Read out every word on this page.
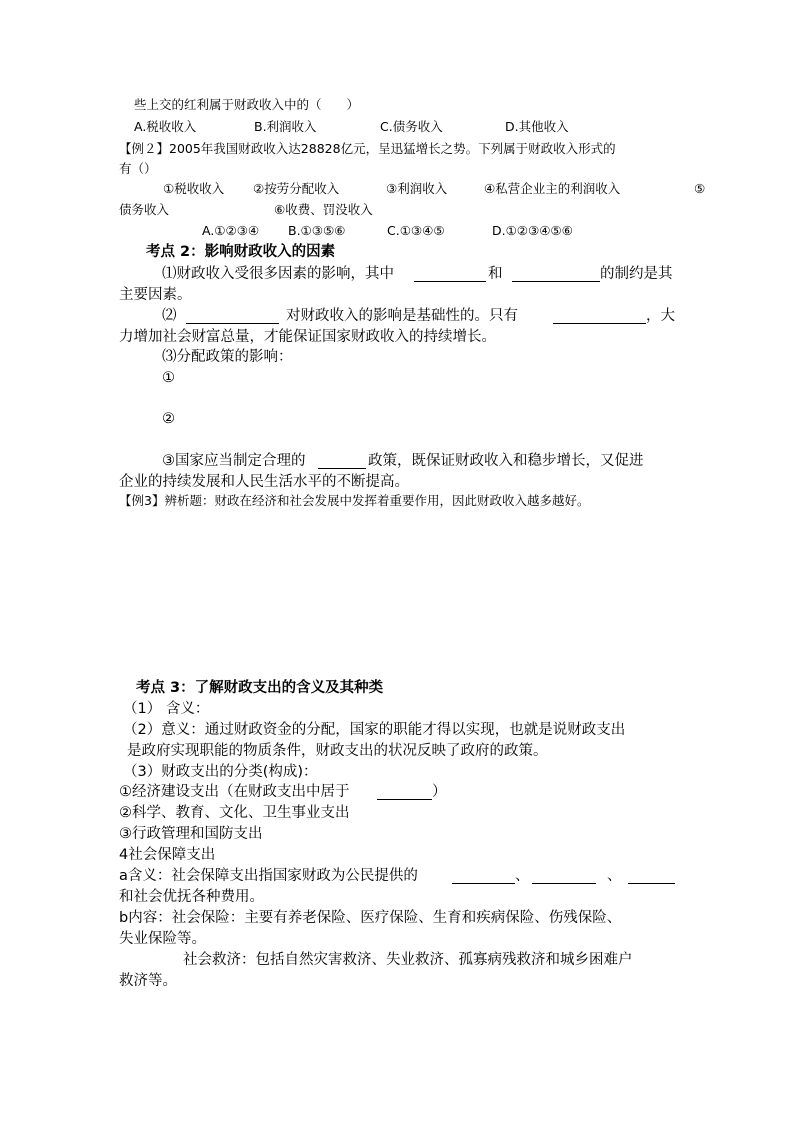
些上交的红利属于财政收入中的（　　）
A.税收收入	B.利润收入	C.债务收入	D.其他收入
【例２】2005年我国财政收入达28828亿元，呈迅猛增长之势。下列属于财政收入形式的
有（）
①税收收入 ②按劳分配收入	③利润收入	④私营企业主的利润收入	⑤
债务收入	⑥收费、罚没收入
A.①②③④ B.①③⑤⑥	C.①③④⑤	D.①②③④⑤⑥
考点 2：影响财政收入的因素
⑴财政收入受很多因素的影响，其中	和	的制约是其
主要因素。
⑵	对财政收入的影响是基础性的。只有	，大
力增加社会财富总量，才能保证国家财政收入的持续增长。
⑶分配政策的影响：
①
②
③国家应当制定合理的	政策，既保证财政收入和稳步增长，又促进
企业的持续发展和人民生活水平的不断提高。
【例3】辨析题：财政在经济和社会发展中发挥着重要作用，因此财政收入越多越好。
考点 3：了解财政支出的含义及其种类
（1） 含义：
（2）意义：通过财政资金的分配，国家的职能才得以实现，也就是说财政支出
是政府实现职能的物质条件，财政支出的状况反映了政府的政策。
（3）财政支出的分类(构成)：
①经济建设支出（在财政支出中居于	）
②科学、教育、文化、卫生事业支出
③行政管理和国防支出
4社会保障支出
a含义：社会保障支出指国家财政为公民提供的	、	、
和社会优抚各种费用。
b内容：社会保险：主要有养老保险、医疗保险、生育和疾病保险、伤残保险、
失业保险等。
社会救济：包括自然灾害救济、失业救济、孤寡病残救济和城乡困难户
救济等。
